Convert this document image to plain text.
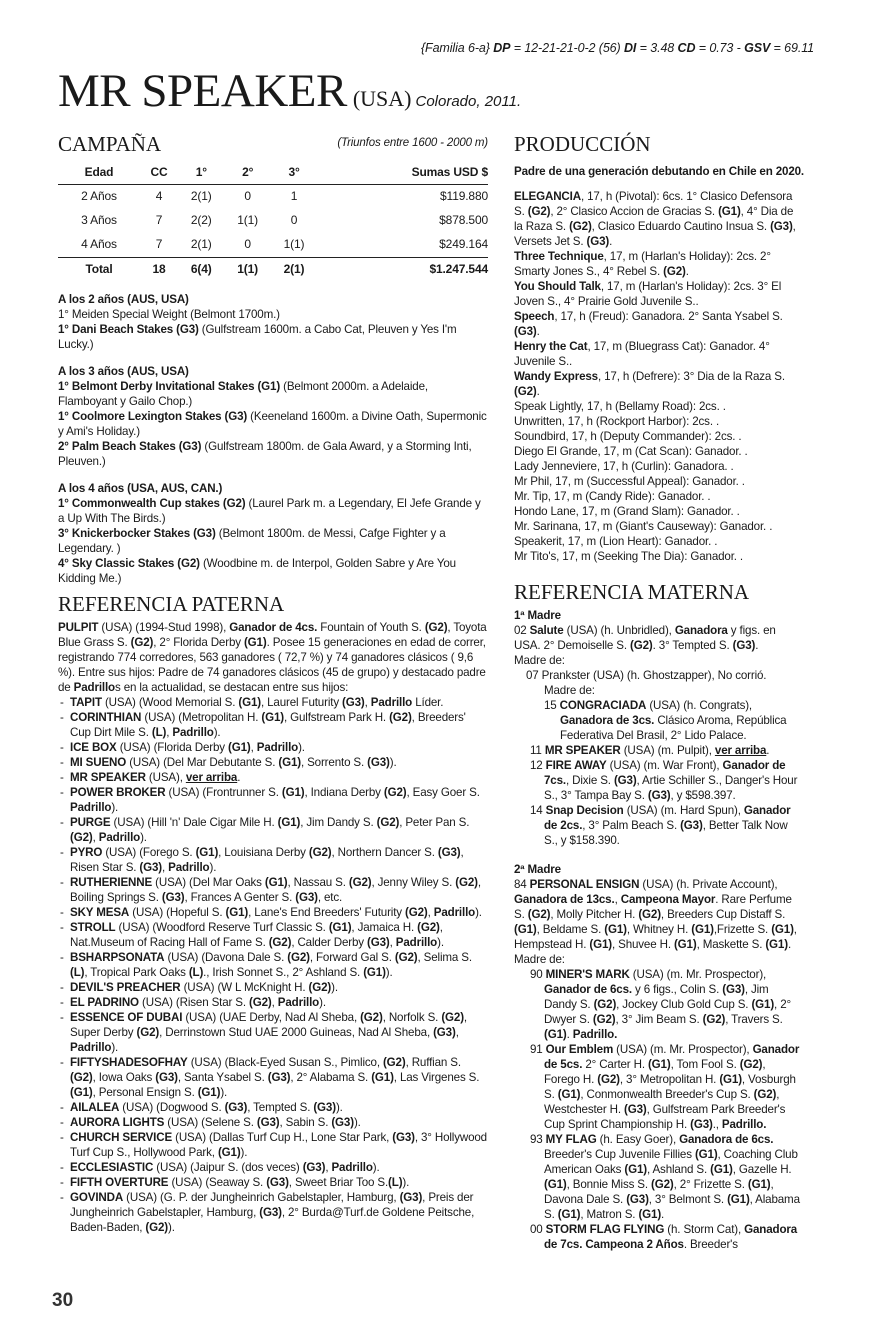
{Familia 6-a} DP = 12-21-21-0-2 (56) DI = 3.48 CD = 0.73 - GSV = 69.11
MR SPEAKER (USA) Colorado, 2011.
CAMPAÑA	(Triunfos entre 1600 - 2000 m)
Edad	CC	1°	2°	3°	Sumas USD $
2 Años	4	2(1)	0	1	$119.880
3 Años	7	2(2)	1(1)	0	$878.500
4 Años	7	2(1)	0	1(1)	$249.164
Total	18	6(4)	1(1)	2(1)	$1.247.544
A los 2 años (AUS, USA)

1° Meiden Special Weight (Belmont 1700m.)

1° Dani Beach Stakes (G3) (Gulfstream 1600m. a Cabo Cat, Pleuven y Yes I'm Lucky.)

A los 3 años (AUS, USA)

1° Belmont Derby Invitational Stakes (G1) (Belmont 2000m. a Adelaide, Flamboyant y Gailo Chop.)

1° Coolmore Lexington Stakes (G3) (Keeneland 1600m. a Divine Oath, Supermonic y Ami's Holiday.)

2° Palm Beach Stakes (G3) (Gulfstream 1800m. de Gala Award, y a Storming Inti, Pleuven.)

A los 4 años (USA, AUS, CAN.)

1° Commonwealth Cup stakes (G2) (Laurel Park m. a Legendary, El Jefe Grande y a Up With The Birds.)

3° Knickerbocker Stakes (G3) (Belmont 1800m. de Messi, Cafge Fighter y a Legendary. )

4° Sky Classic Stakes (G2) (Woodbine m. de Interpol, Golden Sabre y Are You Kidding Me.)

REFERENCIA PATERNA

PULPIT (USA) (1994-Stud 1998), Ganador de 4cs. Fountain of Youth S. (G2), Toyota Blue Grass S. (G2), 2° Florida Derby (G1). Posee 15 generaciones en edad de correr, registrando 774 corredores, 563 ganadores ( 72,7 %) y 74 ganadores clásicos ( 9,6 %). Entre sus hijos: Padre de 74 ganadores clásicos (45 de grupo) y destacado padre de Padrillos en la actualidad, se destacan entre sus hijos:

- TAPIT (USA) (Wood Memorial S. (G1), Laurel Futurity (G3), Padrillo Líder.
- CORINTHIAN (USA) (Metropolitan H. (G1), Gulfstream Park H. (G2), Breeders' Cup Dirt Mile S. (L), Padrillo).
- ICE BOX (USA) (Florida Derby (G1), Padrillo).
- MI SUENO (USA) (Del Mar Debutante S. (G1), Sorrento S. (G3)).
- MR SPEAKER (USA), ver arriba.
- POWER BROKER (USA) (Frontrunner S. (G1), Indiana Derby (G2), Easy Goer S. Padrillo).
- PURGE (USA) (Hill 'n' Dale Cigar Mile H. (G1), Jim Dandy S. (G2), Peter Pan S. (G2), Padrillo).
- PYRO (USA) (Forego S. (G1), Louisiana Derby (G2), Northern Dancer S. (G3), Risen Star S. (G3), Padrillo).
- RUTHERIENNE (USA) (Del Mar Oaks (G1), Nassau S. (G2), Jenny Wiley S. (G2), Boiling Springs S. (G3), Frances A Genter S. (G3), etc.
- SKY MESA (USA) (Hopeful S. (G1), Lane's End Breeders' Futurity (G2), Padrillo).
- STROLL (USA) (Woodford Reserve Turf Classic S. (G1), Jamaica H. (G2), Nat.Museum of Racing Hall of Fame S. (G2), Calder Derby (G3), Padrillo).
- BSHARPSONATA (USA) (Davona Dale S. (G2), Forward Gal S. (G2), Selima S. (L), Tropical Park Oaks (L)., Irish Sonnet S., 2° Ashland S. (G1)).
- DEVIL'S PREACHER (USA) (W L McKnight H. (G2)).
- EL PADRINO (USA) (Risen Star S. (G2), Padrillo).
- ESSENCE OF DUBAI (USA) (UAE Derby, Nad Al Sheba, (G2), Norfolk S. (G2), Super Derby (G2), Derrinstown Stud UAE 2000 Guineas, Nad Al Sheba, (G3), Padrillo).
- FIFTYSHADESOFHAY (USA) (Black-Eyed Susan S., Pimlico, (G2), Ruffian S. (G2), Iowa Oaks (G3), Santa Ysabel S. (G3), 2° Alabama S. (G1), Las Virgenes S. (G1), Personal Ensign S. (G1)).
- AILALEA (USA) (Dogwood S. (G3), Tempted S. (G3)).
- AURORA LIGHTS (USA) (Selene S. (G3), Sabin S. (G3)).
- CHURCH SERVICE (USA) (Dallas Turf Cup H., Lone Star Park, (G3), 3° Hollywood Turf Cup S., Hollywood Park, (G1)).
- ECCLESIASTIC (USA) (Jaipur S. (dos veces) (G3), Padrillo).
- FIFTH OVERTURE (USA) (Seaway S. (G3), Sweet Briar Too S.(L)).
- GOVINDA (USA) (G. P. der Jungheinrich Gabelstapler, Hamburg, (G3), Preis der Jungheinrich Gabelstapler, Hamburg, (G3), 2° Burda@Turf.de Goldene Peitsche, Baden-Baden, (G2)).
PRODUCCIÓN

Padre de una generación debutando en Chile en 2020.

ELEGANCIA, 17, h (Pivotal): 6cs. 1° Clasico Defensora S. (G2), 2° Clasico Accion de Gracias S. (G1), 4° Dia de la Raza S. (G2), Clasico Eduardo Cautino Insua S. (G3), Versets Jet S. (G3).

Three Technique, 17, m (Harlan's Holiday): 2cs. 2° Smarty Jones S., 4° Rebel S. (G2).

You Should Talk, 17, m (Harlan's Holiday): 2cs. 3° El Joven S., 4° Prairie Gold Juvenile S..

Speech, 17, h (Freud): Ganadora. 2° Santa Ysabel S. (G3).

Henry the Cat, 17, m (Bluegrass Cat): Ganador. 4° Juvenile S..

Wandy Express, 17, h (Defrere): 3° Dia de la Raza S. (G2).

Speak Lightly, 17, h (Bellamy Road): 2cs. .

Unwritten, 17, h (Rockport Harbor): 2cs. .

Soundbird, 17, h (Deputy Commander): 2cs. .

Diego El Grande, 17, m (Cat Scan): Ganador. .

Lady Jenneviere, 17, h (Curlin): Ganadora. .

Mr Phil, 17, m (Successful Appeal): Ganador. .

Mr. Tip, 17, m (Candy Ride): Ganador. .

Hondo Lane, 17, m (Grand Slam): Ganador. .

Mr. Sarinana, 17, m (Giant's Causeway): Ganador. .

Speakerit, 17, m (Lion Heart): Ganador. .

Mr Tito's, 17, m (Seeking The Dia): Ganador. .

REFERENCIA MATERNA

1ª Madre

02 Salute (USA) (h. Unbridled), Ganadora y figs. en USA. 2° Demoiselle S. (G2). 3° Tempted S. (G3).

Madre de:

07 Prankster (USA) (h. Ghostzapper), No corrió.

Madre de:

15 CONGRACIADA (USA) (h. Congrats), Ganadora de 3cs. Clásico Aroma, República Federativa Del Brasil, 2° Lido Palace.

11 MR SPEAKER (USA) (m. Pulpit), ver arriba.

12 FIRE AWAY (USA) (m. War Front), Ganador de 7cs., Dixie S. (G3), Artie Schiller S., Danger's Hour S., 3° Tampa Bay S. (G3), y $598.397.

14 Snap Decision (USA) (m. Hard Spun), Ganador de 2cs., 3° Palm Beach S. (G3), Better Talk Now S., y $158.390.

2ª Madre

84 PERSONAL ENSIGN (USA) (h. Private Account), Ganadora de 13cs., Campeona Mayor. Rare Perfume S. (G2), Molly Pitcher H. (G2), Breeders Cup Distaff S. (G1), Beldame S. (G1), Whitney H. (G1),Frizette S. (G1), Hempstead H. (G1), Shuvee H. (G1), Maskette S. (G1). Madre de:

90 MINER'S MARK (USA) (m. Mr. Prospector), Ganador de 6cs. y 6 figs., Colin S. (G3), Jim Dandy S. (G2), Jockey Club Gold Cup S. (G1), 2° Dwyer S. (G2), 3° Jim Beam S. (G2), Travers S. (G1). Padrillo.

91 Our Emblem (USA) (m. Mr. Prospector), Ganador de 5cs. 2° Carter H. (G1), Tom Fool S. (G2), Forego H. (G2), 3° Metropolitan H. (G1), Vosburgh S. (G1), Conmonwealth Breeder's Cup S. (G2), Westchester H. (G3), Gulfstream Park Breeder's Cup Sprint Championship H. (G3)., Padrillo.

93 MY FLAG (h. Easy Goer), Ganadora de 6cs. Breeder's Cup Juvenile Fillies (G1), Coaching Club American Oaks (G1), Ashland S. (G1), Gazelle H. (G1), Bonnie Miss S. (G2), 2° Frizette S. (G1), Davona Dale S. (G3), 3° Belmont S. (G1), Alabama S. (G1), Matron S. (G1).

00 STORM FLAG FLYING (h. Storm Cat), Ganadora de 7cs. Campeona 2 Años. Breeder's

30
